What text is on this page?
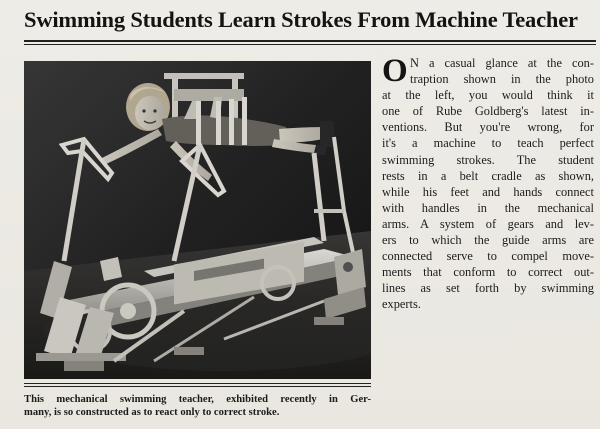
Swimming Students Learn Strokes From Machine Teacher
O N a casual glance at the con-
traption shown in the photo
at the left, you would think it
one of Rube Goldberg's latest in-
ventions. But you're wrong, for
it's a machine to teach perfect
swimming strokes. The student
rests in a belt cradle as shown,
while his feet and hands connect
with handles in the mechanical
arms. A system of gears and lev-
ers to which the guide arms are
connected serve to compel move-
ments that conform to correct out-
lines as set forth by swimming
experts.
This mechanical swimming teacher, exhibited recently in Ger-
many, is so constructed as to react only to correct stroke.
